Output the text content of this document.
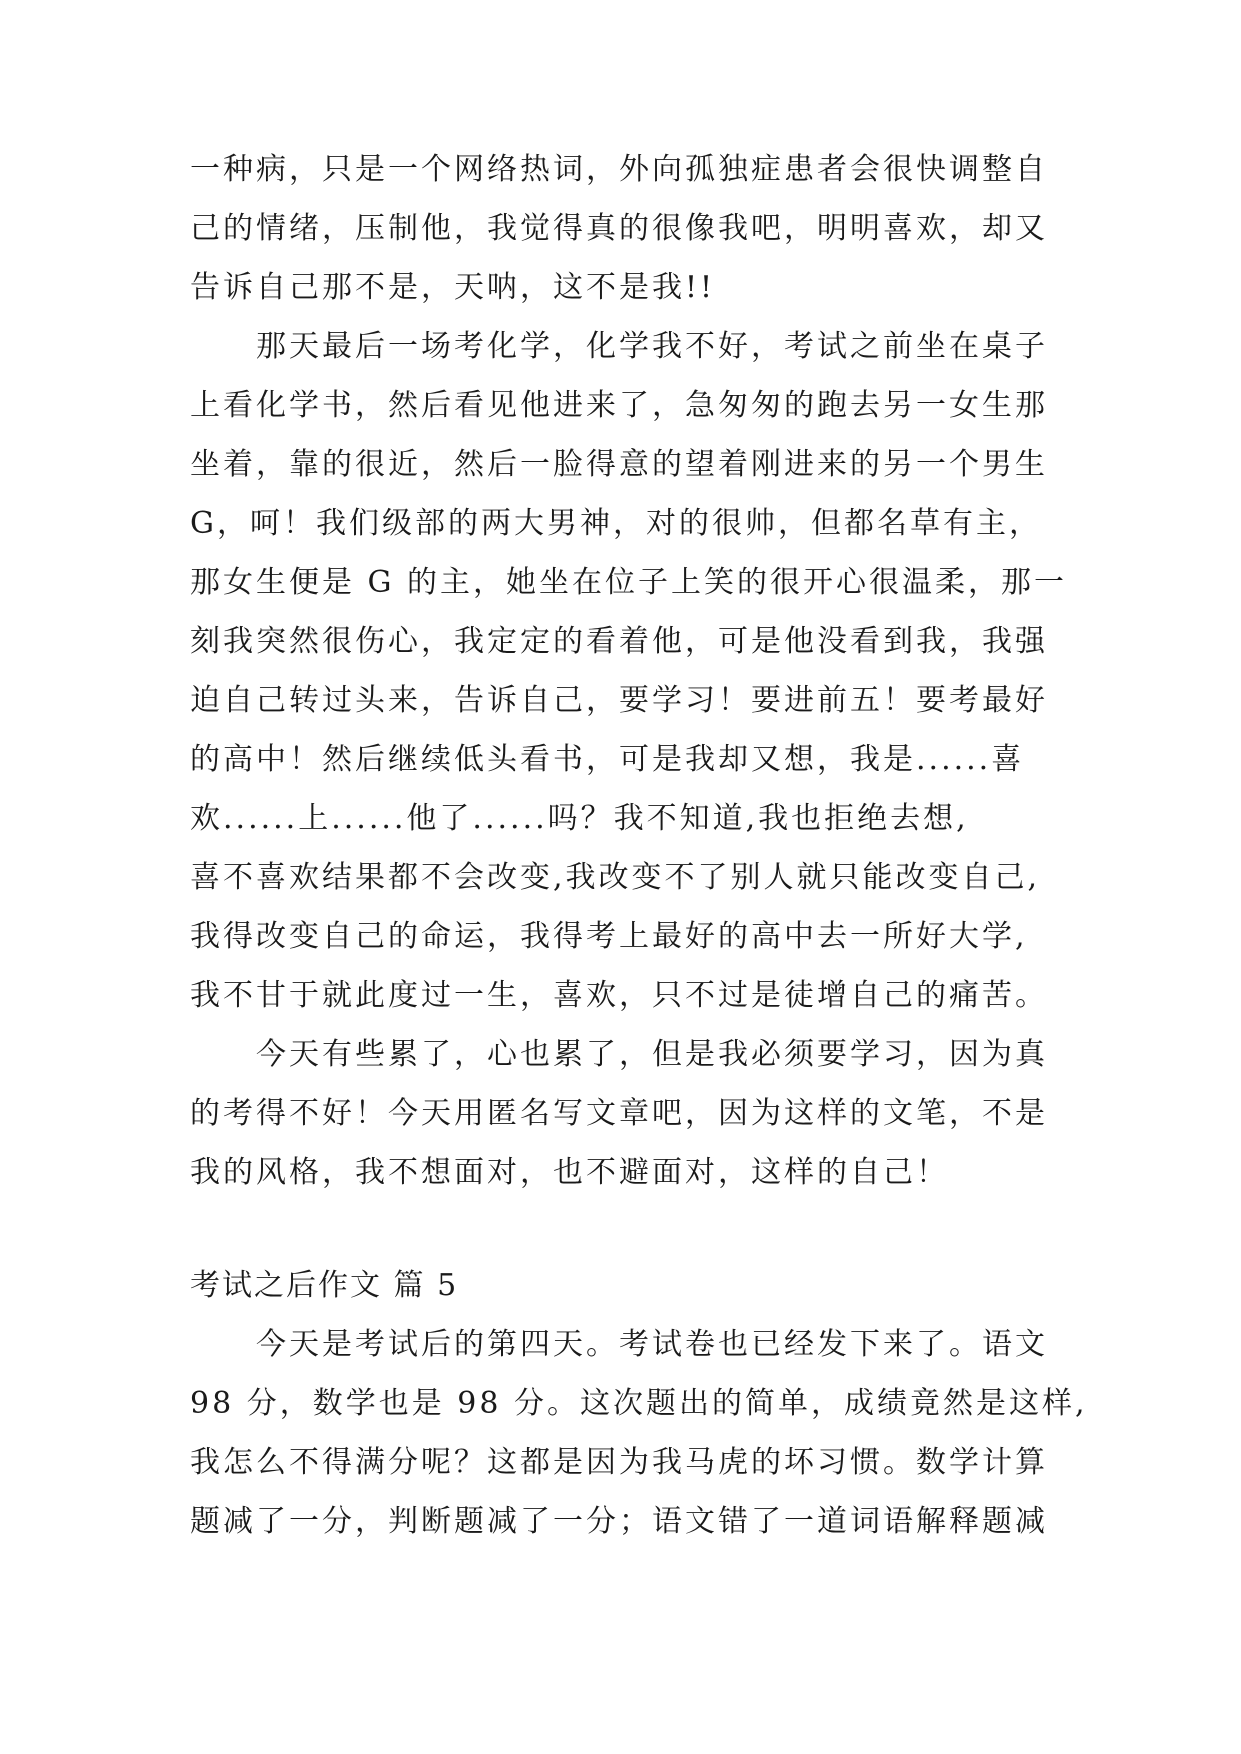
一种病，只是一个网络热词，外向孤独症患者会很快调整自
己的情绪，压制他，我觉得真的很像我吧，明明喜欢，却又
告诉自己那不是，天呐，这不是我!!
那天最后一场考化学，化学我不好，考试之前坐在桌子
上看化学书，然后看见他进来了，急匆匆的跑去另一女生那
坐着，靠的很近，然后一脸得意的望着刚进来的另一个男生
G，呵！我们级部的两大男神，对的很帅，但都名草有主，
那女生便是 G 的主，她坐在位子上笑的很开心很温柔，那一
刻我突然很伤心，我定定的看着他，可是他没看到我，我强
迫自己转过头来，告诉自己，要学习！要进前五！要考最好
的高中！然后继续低头看书，可是我却又想，我是......喜
欢......上......他了......吗？我不知道,我也拒绝去想,
喜不喜欢结果都不会改变,我改变不了别人就只能改变自己,
我得改变自己的命运，我得考上最好的高中去一所好大学,
我不甘于就此度过一生，喜欢，只不过是徒增自己的痛苦。
今天有些累了，心也累了，但是我必须要学习，因为真
的考得不好！今天用匿名写文章吧，因为这样的文笔，不是
我的风格，我不想面对，也不避面对，这样的自己！
考试之后作文 篇 5
今天是考试后的第四天。考试卷也已经发下来了。语文
98 分，数学也是 98 分。这次题出的简单，成绩竟然是这样,
我怎么不得满分呢？这都是因为我马虎的坏习惯。数学计算
题减了一分，判断题减了一分；语文错了一道词语解释题减
